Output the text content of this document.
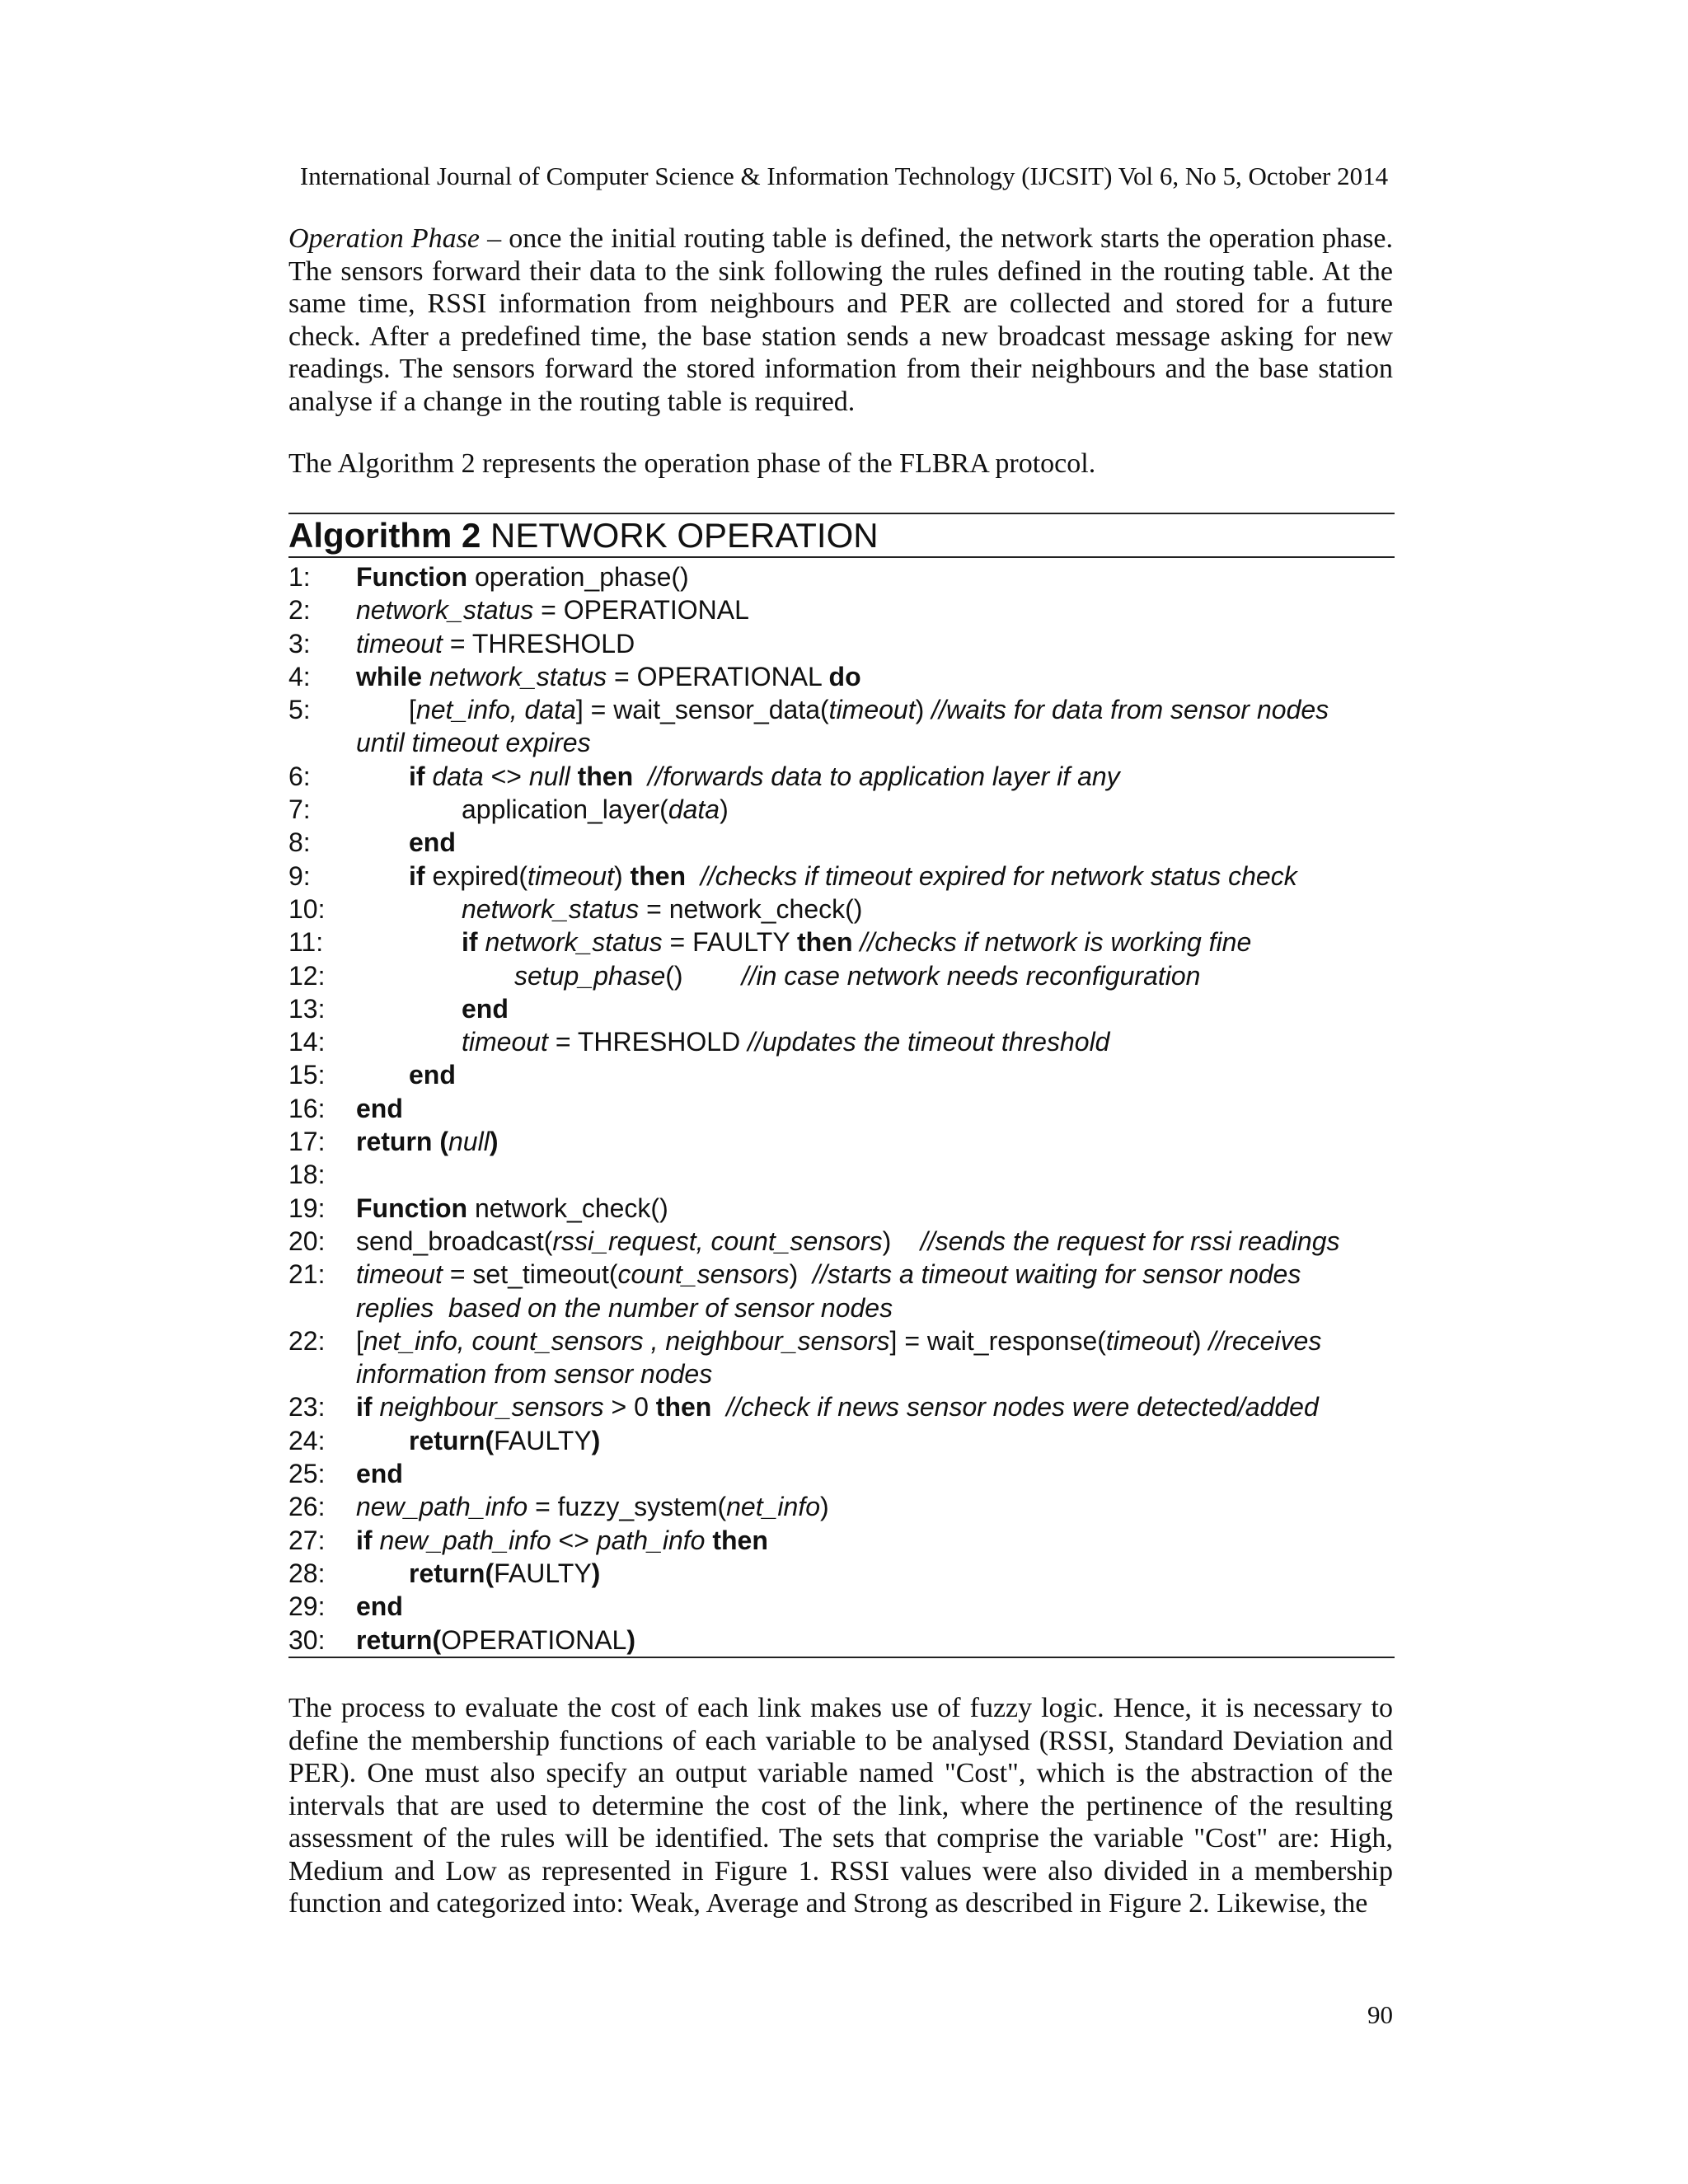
International Journal of Computer Science & Information Technology (IJCSIT) Vol 6, No 5, October 2014
Operation Phase – once the initial routing table is defined, the network starts the operation phase. The sensors forward their data to the sink following the rules defined in the routing table. At the same time, RSSI information from neighbours and PER are collected and stored for a future check. After a predefined time, the base station sends a new broadcast message asking for new readings. The sensors forward the stored information from their neighbours and the base station analyse if a change in the routing table is required.
The Algorithm 2 represents the operation phase of the FLBRA protocol.
Algorithm 2 NETWORK OPERATION
1: Function operation_phase()
2: network_status = OPERATIONAL
3: timeout = THRESHOLD
4: while network_status = OPERATIONAL do
5:	[net_info, data] = wait_sensor_data(timeout) //waits for data from sensor nodes
until timeout expires
6:	if data <> null then //forwards data to application layer if any
7:	application_layer(data)
8:	end
9:	if expired(timeout) then //checks if timeout expired for network status check
10:	network_status = network_check()
11:	if network_status = FAULTY then //checks if network is working fine
12:	setup_phase()        //in case network needs reconfiguration
13:	end
14:	timeout = THRESHOLD //updates the timeout threshold
15:	end
16: end
17: return (null)
18:
19: Function network_check()
20: send_broadcast(rssi_request, count_sensors)    //sends the request for rssi readings
21: timeout = set_timeout(count_sensors)  //starts a timeout waiting for sensor nodes
replies  based on the number of sensor nodes
22: [net_info, count_sensors , neighbour_sensors] = wait_response(timeout) //receives
information from sensor nodes
23: if neighbour_sensors > 0 then //check if news sensor nodes were detected/added
24:	return(FAULTY)
25: end
26: new_path_info = fuzzy_system(net_info)
27: if new_path_info <> path_info then
28:	return(FAULTY)
29: end
30: return(OPERATIONAL)
The process to evaluate the cost of each link makes use of fuzzy logic. Hence, it is necessary to define the membership functions of each variable to be analysed (RSSI, Standard Deviation and PER). One must also specify an output variable named "Cost", which is the abstraction of the intervals that are used to determine the cost of the link, where the pertinence of the resulting assessment of the rules will be identified. The sets that comprise the variable "Cost" are: High, Medium and Low as represented in Figure 1. RSSI values were also divided in a membership function and categorized into: Weak, Average and Strong as described in Figure 2. Likewise, the
90
